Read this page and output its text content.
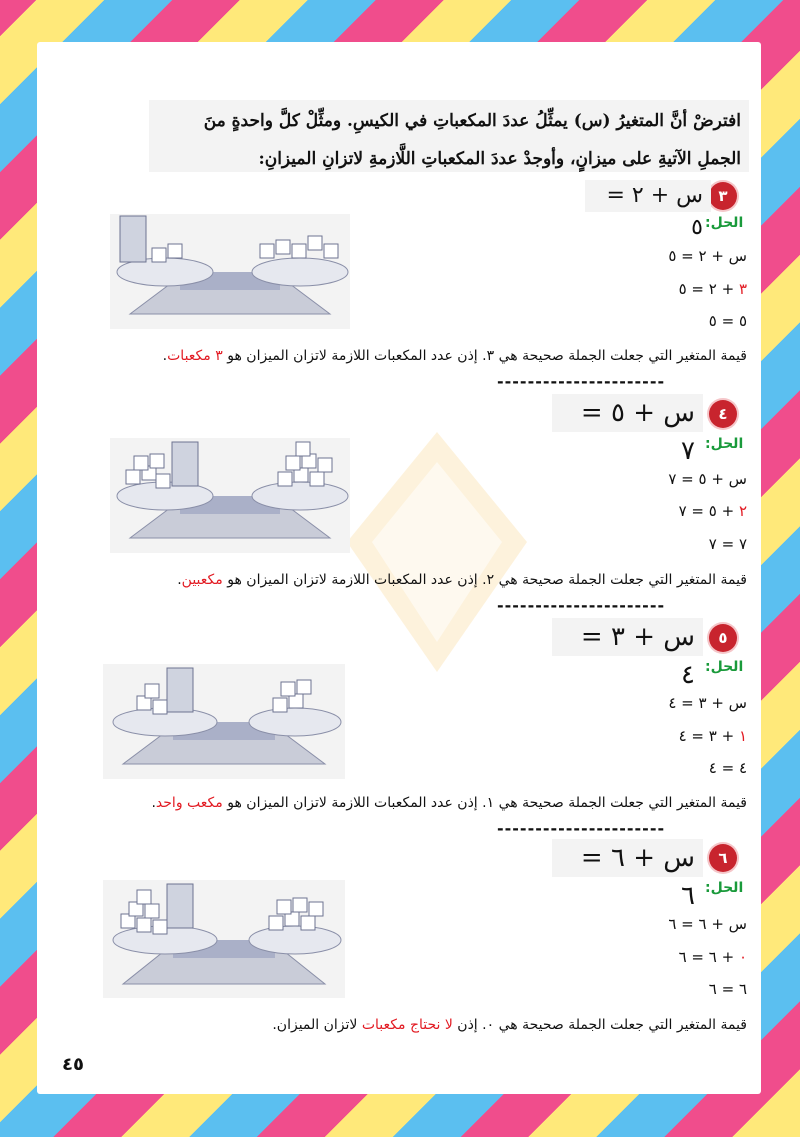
افترضْ أنَّ المتغيرُ (س) يمثِّلُ عددَ المكعباتِ في الكيسِ. ومثِّلْ كلَّ واحدةٍ منَ

الجملِ الآتيةِ على ميزانٍ، وأوجدْ عددَ المكعباتِ اللَّازمةِ لاتزانِ الميزانِ:

٣
س + ٢ = ٥ الحل:
س + ٢ = ٥
٣ + ٢ = ٥
٥ = ٥
قيمة المتغير التي جعلت الجملة صحيحة هي ٣. إذن عدد المكعبات اللازمة لاتزان الميزان هو ٣ مكعبات.
----------------------
٤
س + ٥ = ٧ الحل:
س + ٥ = ٧
٢ + ٥ = ٧
٧ = ٧
قيمة المتغير التي جعلت الجملة صحيحة هي ٢. إذن عدد المكعبات اللازمة لاتزان الميزان هو مكعبين.
----------------------
٥
س + ٣ = ٤ الحل:
س + ٣ = ٤
١ + ٣ = ٤
٤ = ٤
قيمة المتغير التي جعلت الجملة صحيحة هي ١. إذن عدد المكعبات اللازمة لاتزان الميزان هو مكعب واحد.
----------------------
٦
س + ٦ = ٦ الحل:
س + ٦ = ٦
٠ + ٦ = ٦
٦ = ٦
قيمة المتغير التي جعلت الجملة صحيحة هي ٠. إذن لا نحتاج مكعبات لاتزان الميزان.
٤٥
